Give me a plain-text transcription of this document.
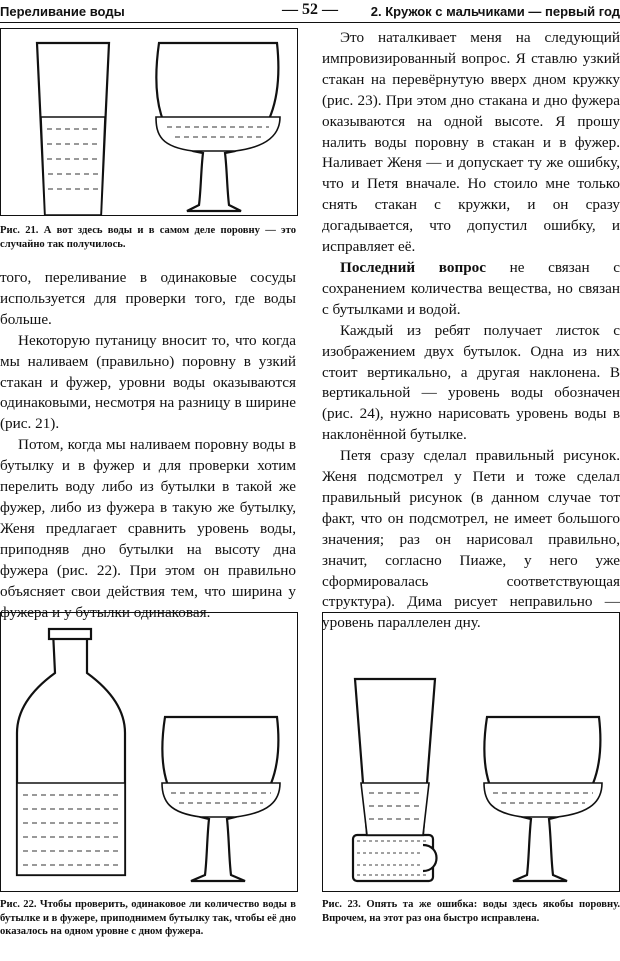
Переливание воды	— 52 —	2. Кружок с мальчиками — первый год
Рис. 21. А вот здесь воды и в самом деле поровну — это случайно так получилось.

того, переливание в одинаковые сосуды используется для проверки того, где воды больше.

Некоторую путаницу вносит то, что когда мы наливаем (правильно) поровну в узкий стакан и фужер, уровни воды оказываются одинаковыми, несмотря на разницу в ширине (рис. 21).

Потом, когда мы наливаем поровну воды в бутылку и в фужер и для проверки хотим перелить воду либо из бутылки в такой же фужер, либо из фужера в такую же бутылку, Женя предлагает сравнить уровень воды, приподняв дно бутылки на высоту дна фужера (рис. 22). При этом он правильно объясняет свои действия тем, что ширина у фужера и у бутылки одинаковая.

Это наталкивает меня на следующий импровизированный вопрос. Я ставлю узкий стакан на перевёрнутую вверх дном кружку (рис. 23). При этом дно стакана и дно фужера оказываются на одной высоте. Я прошу налить воды поровну в стакан и в фужер. Наливает Женя — и допускает ту же ошибку, что и Петя вначале. Но стоило мне только снять стакан с кружки, и он сразу догадывается, что допустил ошибку, и исправляет её.

Последний вопрос не связан с сохранением количества вещества, но связан с бутылками и водой.

Каждый из ребят получает листок с изображением двух бутылок. Одна из них стоит вертикально, а другая наклонена. В вертикальной — уровень воды обозначен (рис. 24), нужно нарисовать уровень воды в наклонённой бутылке.

Петя сразу сделал правильный рисунок. Женя подсмотрел у Пети и тоже сделал правильный рисунок (в данном случае тот факт, что он подсмотрел, не имеет большого значения; раз он нарисовал правильно, значит, согласно Пиаже, у него уже сформировалась соответствующая структура). Дима рисует неправильно — уровень параллелен дну.

Рис. 22. Чтобы проверить, одинаковое ли количество воды в бутылке и в фужере, приподнимем бутылку так, чтобы её дно оказалось на одном уровне с дном фужера.
Рис. 23. Опять та же ошибка: воды здесь якобы поровну. Впрочем, на этот раз она быстро исправлена.
